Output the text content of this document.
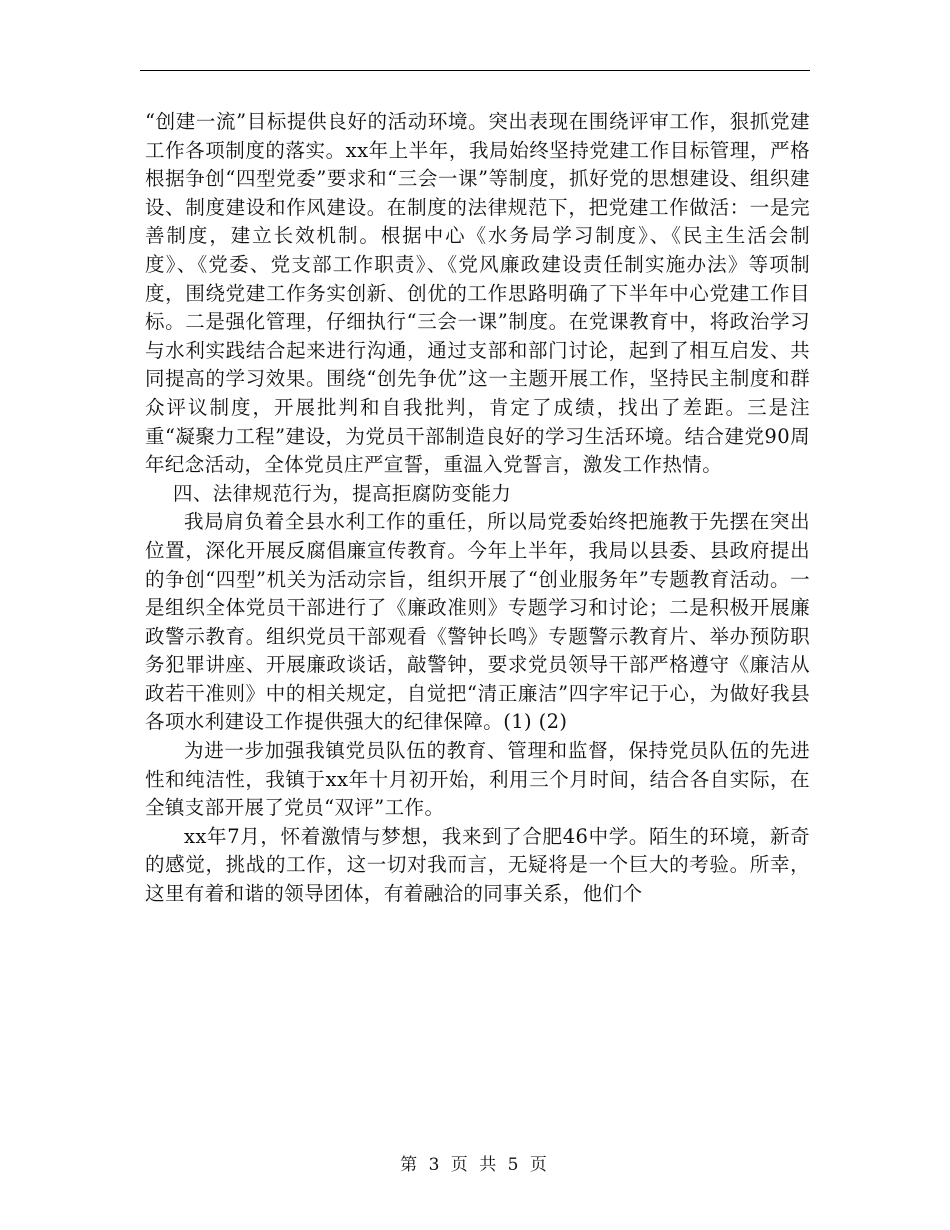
“创建一流”目标提供良好的活动环境。突出表现在围绕评审工作，狠抓党建工作各项制度的落实。xx年上半年，我局始终坚持党建工作目标管理，严格根据争创“四型党委”要求和“三会一课”等制度，抓好党的思想建设、组织建设、制度建设和作风建设。在制度的法律规范下，把党建工作做活：一是完善制度，建立长效机制。根据中心《水务局学习制度》、《民主生活会制度》、《党委、党支部工作职责》、《党风廉政建设责任制实施办法》等项制度，围绕党建工作务实创新、创优的工作思路明确了下半年中心党建工作目标。二是强化管理，仔细执行“三会一课”制度。在党课教育中，将政治学习与水利实践结合起来进行沟通，通过支部和部门讨论，起到了相互启发、共同提高的学习效果。围绕“创先争优”这一主题开展工作，坚持民主制度和群众评议制度，开展批判和自我批判，肯定了成绩，找出了差距。三是注重“凝聚力工程”建设，为党员干部制造良好的学习生活环境。结合建党90周年纪念活动，全体党员庄严宣誓，重温入党誓言，激发工作热情。

四、法律规范行为，提高拒腐防变能力

我局肩负着全县水利工作的重任，所以局党委始终把施教于先摆在突出位置，深化开展反腐倡廉宣传教育。今年上半年，我局以县委、县政府提出的争创“四型”机关为活动宗旨，组织开展了“创业服务年”专题教育活动。一是组织全体党员干部进行了《廉政准则》专题学习和讨论；二是积极开展廉政警示教育。组织党员干部观看《警钟长鸣》专题警示教育片、举办预防职务犯罪讲座、开展廉政谈话，敲警钟，要求党员领导干部严格遵守《廉洁从政若干准则》中的相关规定，自觉把“清正廉洁”四字牢记于心，为做好我县各项水利建设工作提供强大的纪律保障。(1) (2)

为进一步加强我镇党员队伍的教育、管理和监督，保持党员队伍的先进性和纯洁性，我镇于xx年十月初开始，利用三个月时间，结合各自实际，在全镇支部开展了党员“双评”工作。

xx年7月，怀着激情与梦想，我来到了合肥46中学。陌生的环境，新奇的感觉，挑战的工作，这一切对我而言，无疑将是一个巨大的考验。所幸，这里有着和谐的领导团体，有着融洽的同事关系，他们个

第 3 页 共 5 页
